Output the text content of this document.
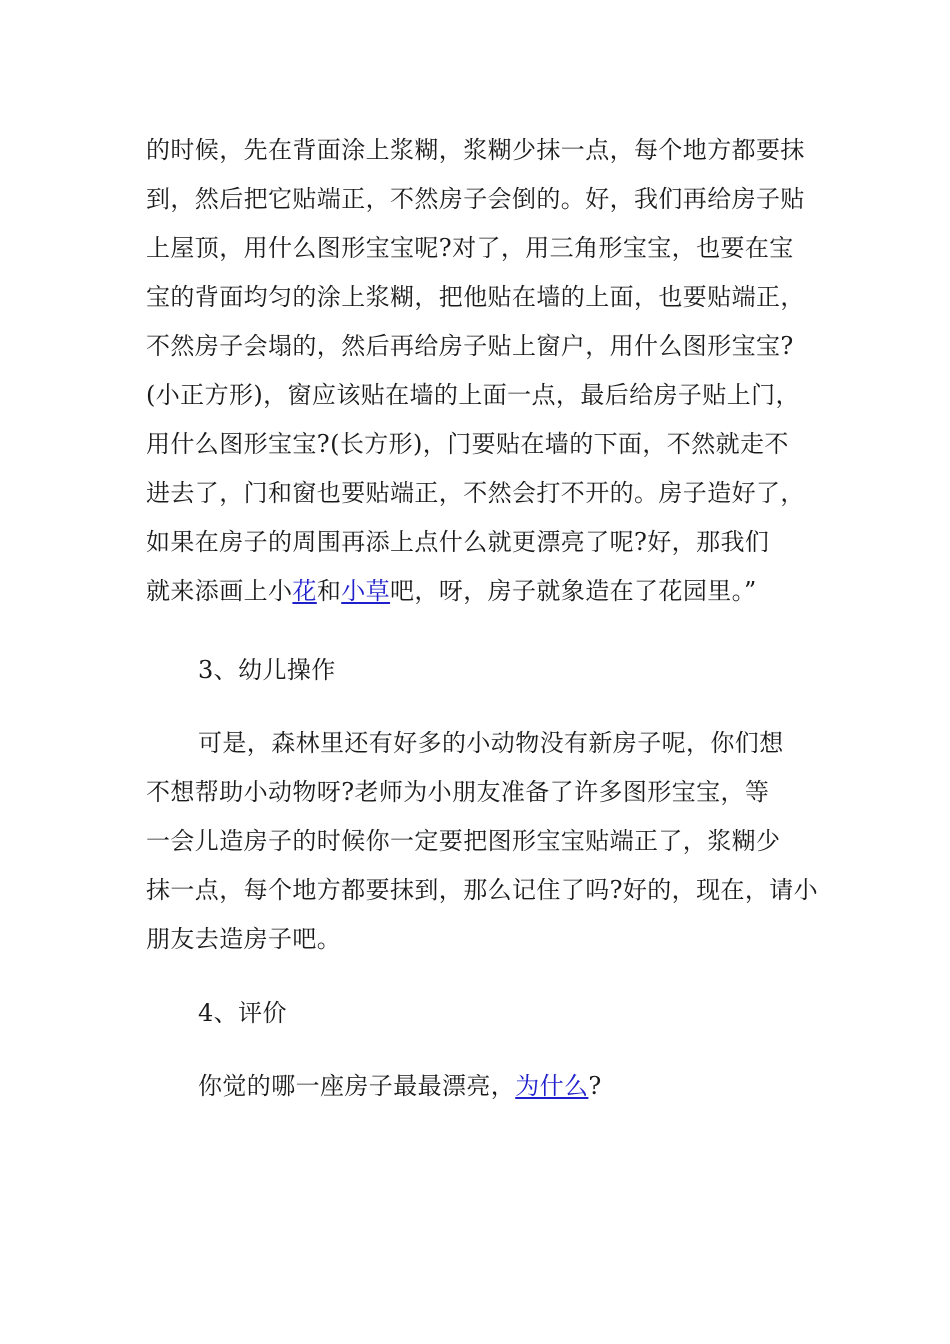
的时候，先在背面涂上浆糊，浆糊少抹一点，每个地方都要抹
到，然后把它贴端正，不然房子会倒的。好，我们再给房子贴
上屋顶，用什么图形宝宝呢?对了，用三角形宝宝，也要在宝
宝的背面均匀的涂上浆糊，把他贴在墙的上面，也要贴端正，
不然房子会塌的，然后再给房子贴上窗户，用什么图形宝宝?
(小正方形)，窗应该贴在墙的上面一点，最后给房子贴上门，
用什么图形宝宝?(长方形)，门要贴在墙的下面，不然就走不
进去了，门和窗也要贴端正，不然会打不开的。房子造好了，
如果在房子的周围再添上点什么就更漂亮了呢?好，那我们
就来添画上小花和小草吧，呀，房子就象造在了花园里。”
3、幼儿操作
可是，森林里还有好多的小动物没有新房子呢，你们想
不想帮助小动物呀?老师为小朋友准备了许多图形宝宝，等
一会儿造房子的时候你一定要把图形宝宝贴端正了，浆糊少
抹一点，每个地方都要抹到，那么记住了吗?好的，现在，请小
朋友去造房子吧。
4、评价
你觉的哪一座房子最最漂亮，为什么?
